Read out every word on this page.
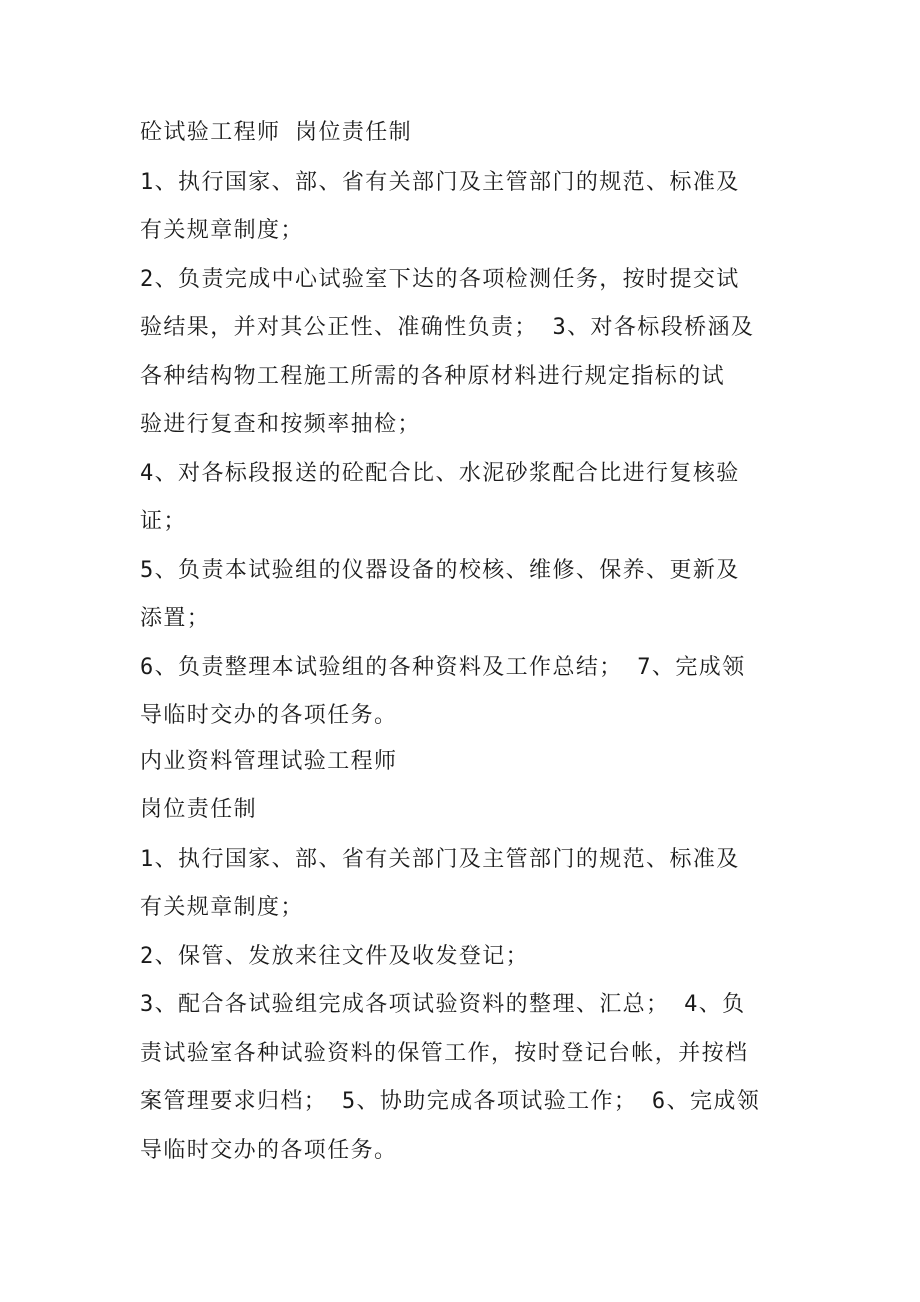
砼试验工程师 岗位责任制
1、执行国家、部、省有关部门及主管部门的规范、标准及
有关规章制度；
2、负责完成中心试验室下达的各项检测任务，按时提交试
验结果，并对其公正性、准确性负责； 3、对各标段桥涵及
各种结构物工程施工所需的各种原材料进行规定指标的试
验进行复查和按频率抽检；
4、对各标段报送的砼配合比、水泥砂浆配合比进行复核验
证；
5、负责本试验组的仪器设备的校核、维修、保养、更新及
添置；
6、负责整理本试验组的各种资料及工作总结； 7、完成领
导临时交办的各项任务。
内业资料管理试验工程师
岗位责任制
1、执行国家、部、省有关部门及主管部门的规范、标准及
有关规章制度；
2、保管、发放来往文件及收发登记；
3、配合各试验组完成各项试验资料的整理、汇总； 4、负
责试验室各种试验资料的保管工作，按时登记台帐，并按档
案管理要求归档； 5、协助完成各项试验工作； 6、完成领
导临时交办的各项任务。
